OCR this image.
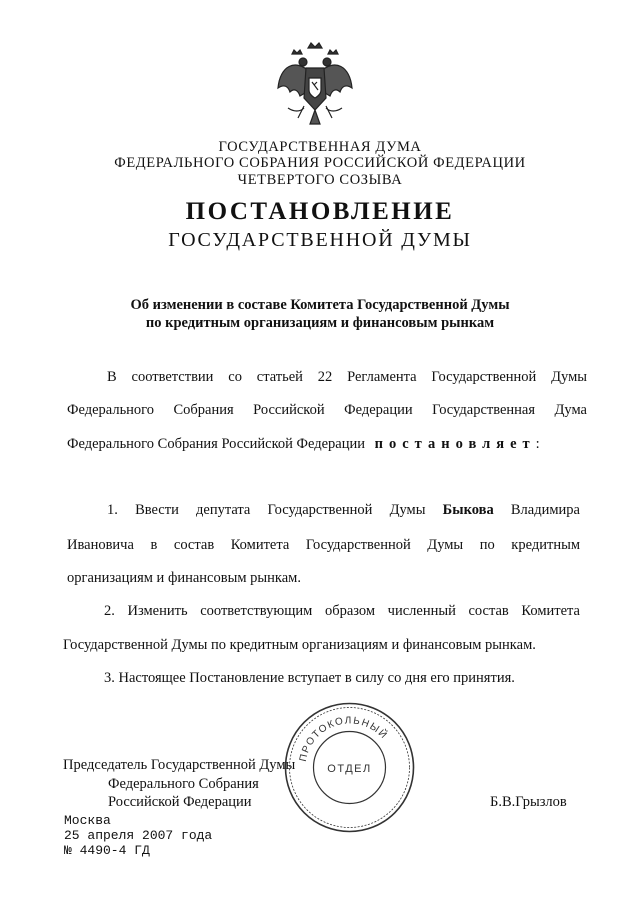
ГОСУДАРСТВЕННАЯ ДУМА
ФЕДЕРАЛЬНОГО СОБРАНИЯ РОССИЙСКОЙ ФЕДЕРАЦИИ
ЧЕТВЕРТОГО СОЗЫВА
ПОСТАНОВЛЕНИЕ
ГОСУДАРСТВЕННОЙ ДУМЫ
Об изменении в составе Комитета Государственной Думы
по кредитным организациям и финансовым рынкам
В соответствии со статьей 22 Регламента Государственной Думы
Федерального Собрания Российской Федерации Государственная Дума
Федерального Собрания Российской Федерации постановляет:
1. Ввести депутата Государственной Думы Быкова Владимира
Ивановича в состав Комитета Государственной Думы по кредитным
организациям и финансовым рынкам.
2. Изменить соответствующим образом численный состав Комитета
Государственной Думы по кредитным организациям и финансовым рынкам.
3. Настоящее Постановление вступает в силу со дня его принятия.
Председатель Государственной Думы
Федерального Собрания
Российской Федерации	Б.В.Грызлов
Москва
25 апреля 2007 года
№ 4490-4 ГД
ПРОТОКОЛЬНЫЙ
ОТДЕЛ
